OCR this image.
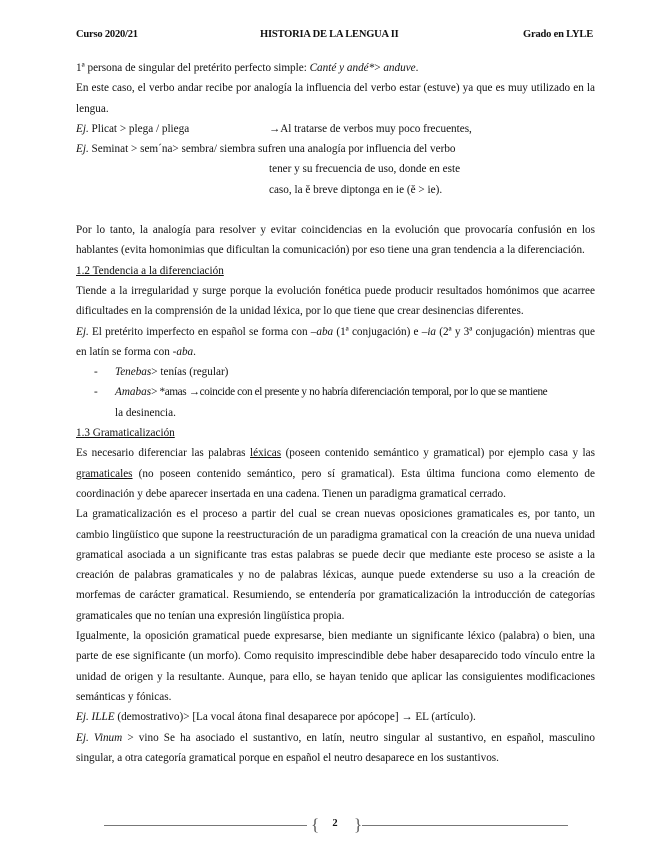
Curso 2020/21	HISTORIA DE LA LENGUA II	Grado en LYLE

1ª persona de singular del pretérito perfecto simple: Canté y andé*> anduve.

En este caso, el verbo andar recibe por analogía la influencia del verbo estar (estuve) ya que es muy utilizado en la lengua.

Ej. Plicat > plega / pliega	→Al tratarse de verbos muy poco frecuentes,

Ej. Seminat > sem´na> sembra/ siembra sufren una analogía por influencia del verbo

tener y su frecuencia de uso, donde en este

caso, la ĕ breve diptonga en ie (ĕ > ie).

Por lo tanto, la analogía para resolver y evitar coincidencias en la evolución que provocaría confusión en los hablantes (evita homonimias que dificultan la comunicación) por eso tiene una gran tendencia a la diferenciación.

1.2 Tendencia a la diferenciación

Tiende a la irregularidad y surge porque la evolución fonética puede producir resultados homónimos que acarree dificultades en la comprensión de la unidad léxica, por lo que tiene que crear desinencias diferentes.

Ej. El pretérito imperfecto en español se forma con –aba (1ª conjugación) e –ia (2ª y 3ª conjugación) mientras que en latín se forma con -aba.

- Tenebas> tenías (regular)

- Amabas> *amas →coincide con el presente y no habría diferenciación temporal, por lo que se mantiene

la desinencia.

1.3 Gramaticalización

Es necesario diferenciar las palabras léxicas (poseen contenido semántico y gramatical) por ejemplo casa y las gramaticales (no poseen contenido semántico, pero sí gramatical). Esta última funciona como elemento de coordinación y debe aparecer insertada en una cadena. Tienen un paradigma gramatical cerrado.

La gramaticalización es el proceso a partir del cual se crean nuevas oposiciones gramaticales es, por tanto, un cambio lingüístico que supone la reestructuración de un paradigma gramatical con la creación de una nueva unidad gramatical asociada a un significante tras estas palabras se puede decir que mediante este proceso se asiste a la creación de palabras gramaticales y no de palabras léxicas, aunque puede extenderse su uso a la creación de morfemas de carácter gramatical. Resumiendo, se entendería por gramaticalización la introducción de categorías gramaticales que no tenían una expresión lingüística propia.

Igualmente, la oposición gramatical puede expresarse, bien mediante un significante léxico (palabra) o bien, una parte de ese significante (un morfo). Como requisito imprescindible debe haber desaparecido todo vínculo entre la unidad de origen y la resultante. Aunque, para ello, se hayan tenido que aplicar las consiguientes modificaciones semánticas y fónicas.

Ej. ILLE (demostrativo)> [La vocal átona final desaparece por apócope] → EL (artículo).

Ej. Vinum > vino Se ha asociado el sustantivo, en latín, neutro singular al sustantivo, en español, masculino singular, a otra categoría gramatical porque en español el neutro desaparece en los sustantivos.

{	2 }
